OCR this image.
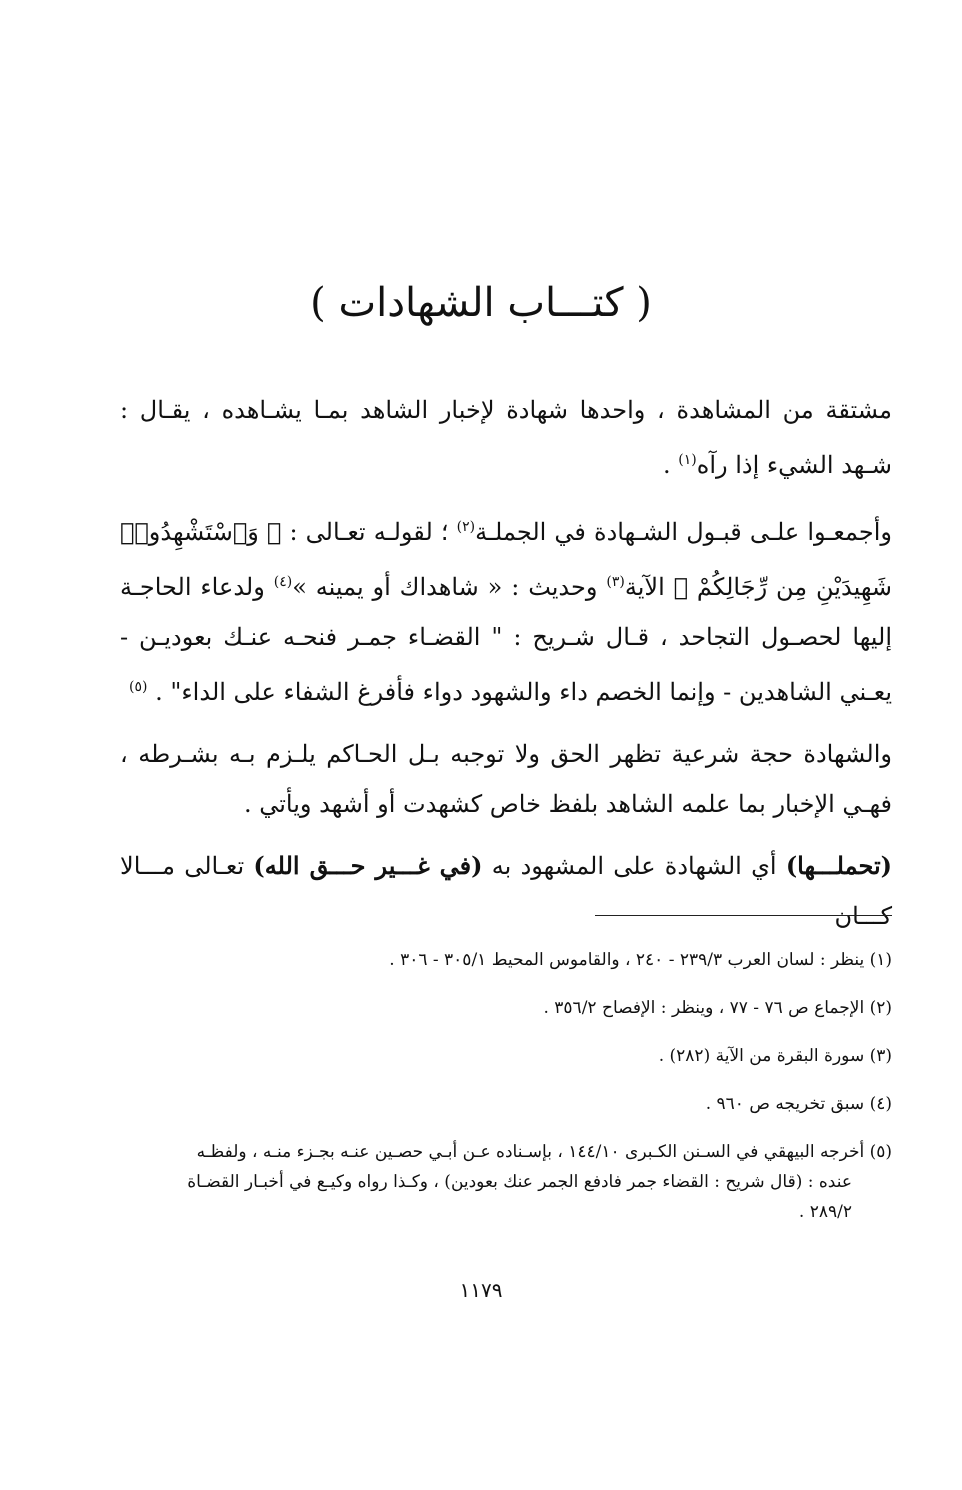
( كتـــاب الشهادات )

مشتقة من المشاهدة ، واحدها شهادة لإخبار الشاهد بمـا يشـاهده ، يقـال : شـهد الشيء إذا رآه$^{(١)}$ .

وأجمعـوا علـى قبـول الشـهادة في الجملـة$^{(٢)}$ ؛ لقولـه تعـالى : ﴿ وَٱسْتَشْهِدُوا۟ شَهِيدَيْنِ مِن رِّجَالِكُمْ ﴾ الآية$^{(٣)}$ وحديث : « شاهداك أو يمينه »$^{(٤)}$ ولدعاء الحاجـة إليها لحصـول التجاحد ، قـال شـريح : " القضـاء جمـر فنحـه عنـك بعوديـن - يعـني الشاهدين - وإنما الخصم داء والشهود دواء فأفرغ الشفاء على الداء" . $^{(٥)}$

والشهادة حجة شرعية تظهر الحق ولا توجبه بـل الحـاكم يلـزم بـه بشـرطه ، فهـي الإخبار بما علمه الشاهد بلفظ خاص كشهدت أو أشهد ويأتي .

(تحملـــها) أي الشهادة على المشهود به (في غـــير حـــق الله) تعـالى مـــالا كـــان

(١) ينظر : لسان العرب ٢٣٩/٣ - ٢٤٠ ، والقاموس المحيط ٣٠٥/١ - ٣٠٦ .

(٢) الإجماع ص ٧٦ - ٧٧ ، وينظر : الإفصاح ٣٥٦/٢ .

(٣) سورة البقرة من الآية (٢٨٢) .

(٤) سبق تخريجه ص ٩٦٠ .

(٥) أخرجه البيهقي في السـنن الكـبرى ١٤٤/١٠ ، بإسـناده عـن أبـي حصـين عنـه بجـزء منـه ، ولفظـه

عنده : (قال شريح : القضاء جمر فادفع الجمر عنك بعودين) ، وكـذا رواه وكيـع في أخبـار القضـاة

٢٨٩/٢ .

١١٧٩
